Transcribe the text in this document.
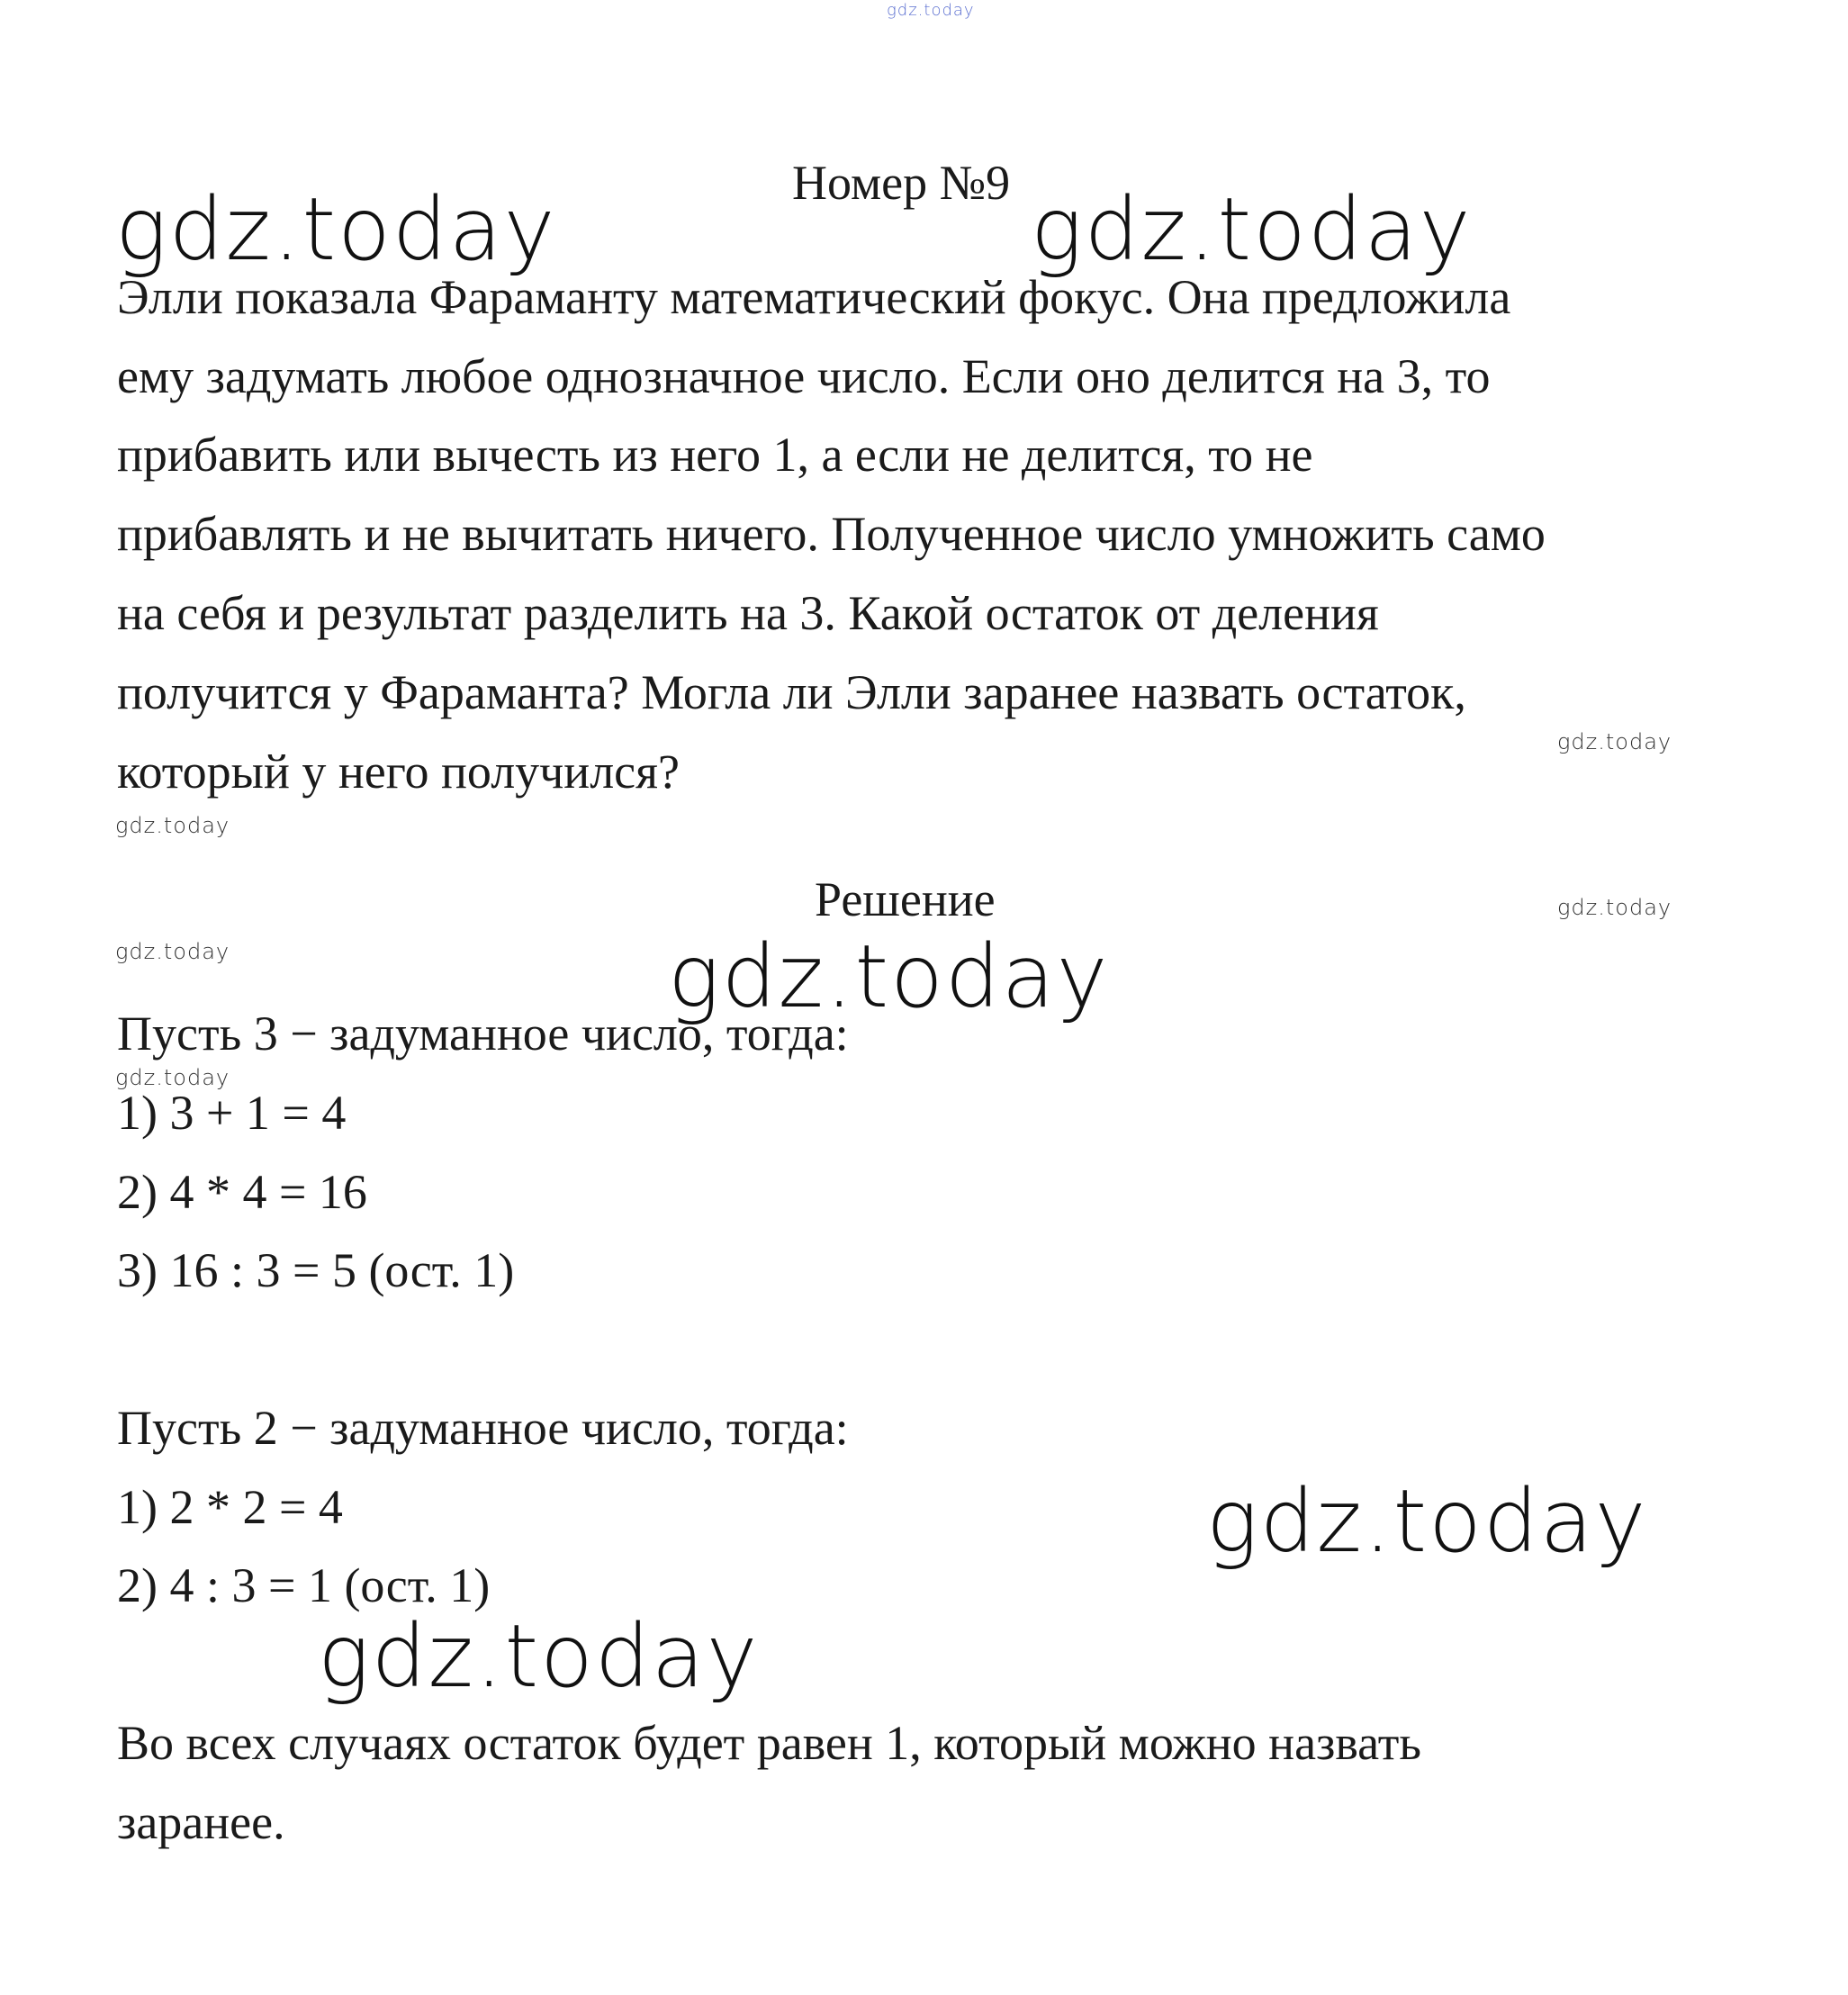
gdz.today
Номер №9
gdz.today	gdz.today
Элли показала Фараманту математический фокус. Она предложила
ему задумать любое однозначное число. Если оно делится на 3, то
прибавить или вычесть из него 1, а если не делится, то не
прибавлять и не вычитать ничего. Полученное число умножить само
на себя и результат разделить на 3. Какой остаток от деления
получится у Фараманта? Могла ли Элли заранее назвать остаток,
который у него получился?
gdz.today
gdz.today
Решение	gdz.today
gdz.today	gdz.today
Пусть 3 − задуманное число, тогда:
gdz.today
1) 3 + 1 = 4
2) 4 * 4 = 16
3) 16 : 3 = 5 (ост. 1)
Пусть 2 − задуманное число, тогда:
1) 2 * 2 = 4
2) 4 : 3 = 1 (ост. 1)
gdz.today
gdz.today
Во всех случаях остаток будет равен 1, который можно назвать
заранее.
